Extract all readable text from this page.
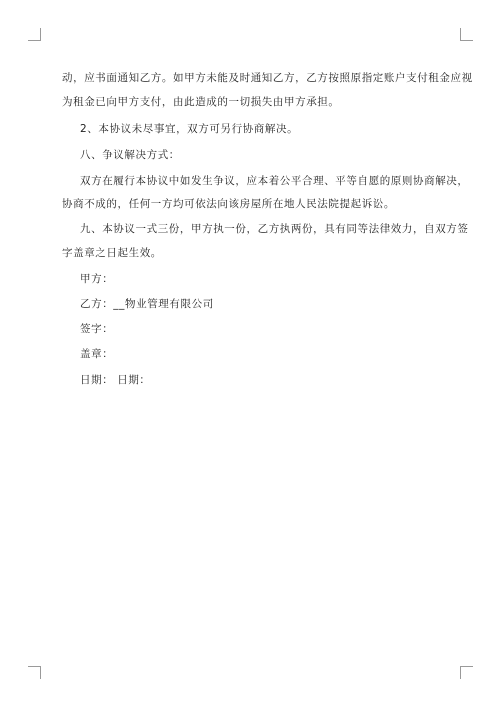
动，应书面通知乙方。如甲方未能及时通知乙方，乙方按照原指定账户支付租金应视
为租金已向甲方支付，由此造成的一切损失由甲方承担。
2、本协议未尽事宜，双方可另行协商解决。
八、争议解决方式：
双方在履行本协议中如发生争议，应本着公平合理、平等自愿的原则协商解决，
协商不成的，任何一方均可依法向该房屋所在地人民法院提起诉讼。
九、本协议一式三份，甲方执一份，乙方执两份，具有同等法律效力，自双方签
字盖章之日起生效。
甲方：
乙方：__物业管理有限公司
签字：
盖章：
日期： 日期：
